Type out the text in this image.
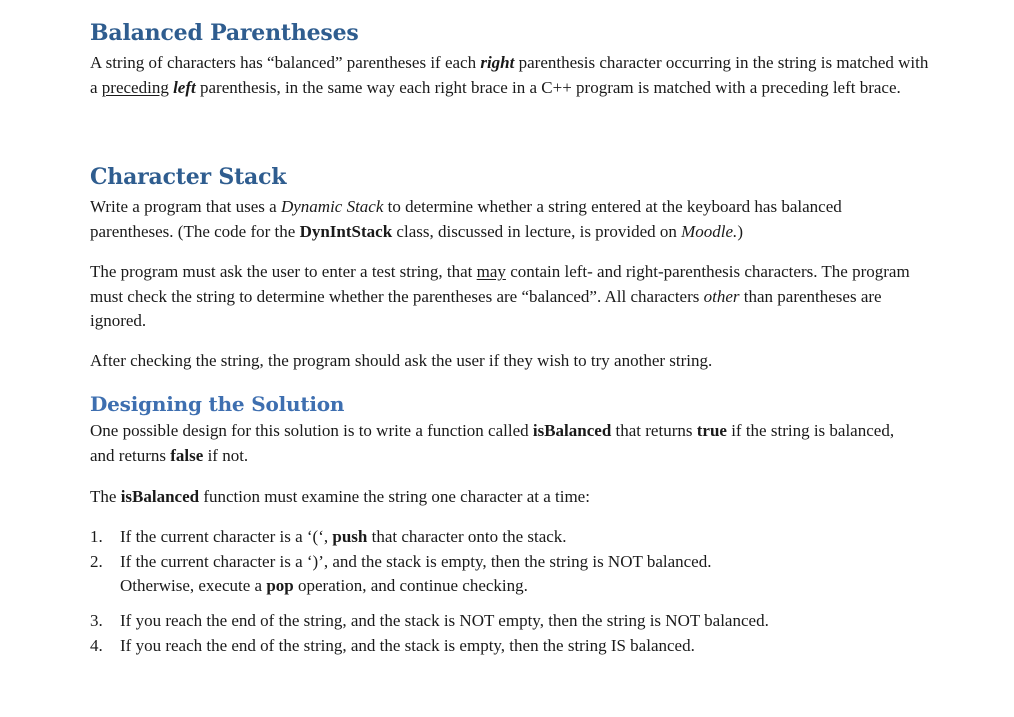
Balanced Parentheses

A string of characters has “balanced” parentheses if each right parenthesis character occurring in the string is matched with a preceding left parenthesis, in the same way each right brace in a C++ program is matched with a preceding left brace.

Character Stack

Write a program that uses a Dynamic Stack to determine whether a string entered at the keyboard has balanced parentheses. (The code for the DynIntStack class, discussed in lecture, is provided on Moodle.)

The program must ask the user to enter a test string, that may contain left- and right-parenthesis characters. The program must check the string to determine whether the parentheses are “balanced”. All characters other than parentheses are ignored.

After checking the string, the program should ask the user if they wish to try another string.

Designing the Solution

One possible design for this solution is to write a function called isBalanced that returns true if the string is balanced, and returns false if not.

The isBalanced function must examine the string one character at a time:

1. If the current character is a ‘(‘, push that character onto the stack.
2. If the current character is a ‘)’, and the stack is empty, then the string is NOT balanced.
Otherwise, execute a pop operation, and continue checking.
3. If you reach the end of the string, and the stack is NOT empty, then the string is NOT balanced.
4. If you reach the end of the string, and the stack is empty, then the string IS balanced.
